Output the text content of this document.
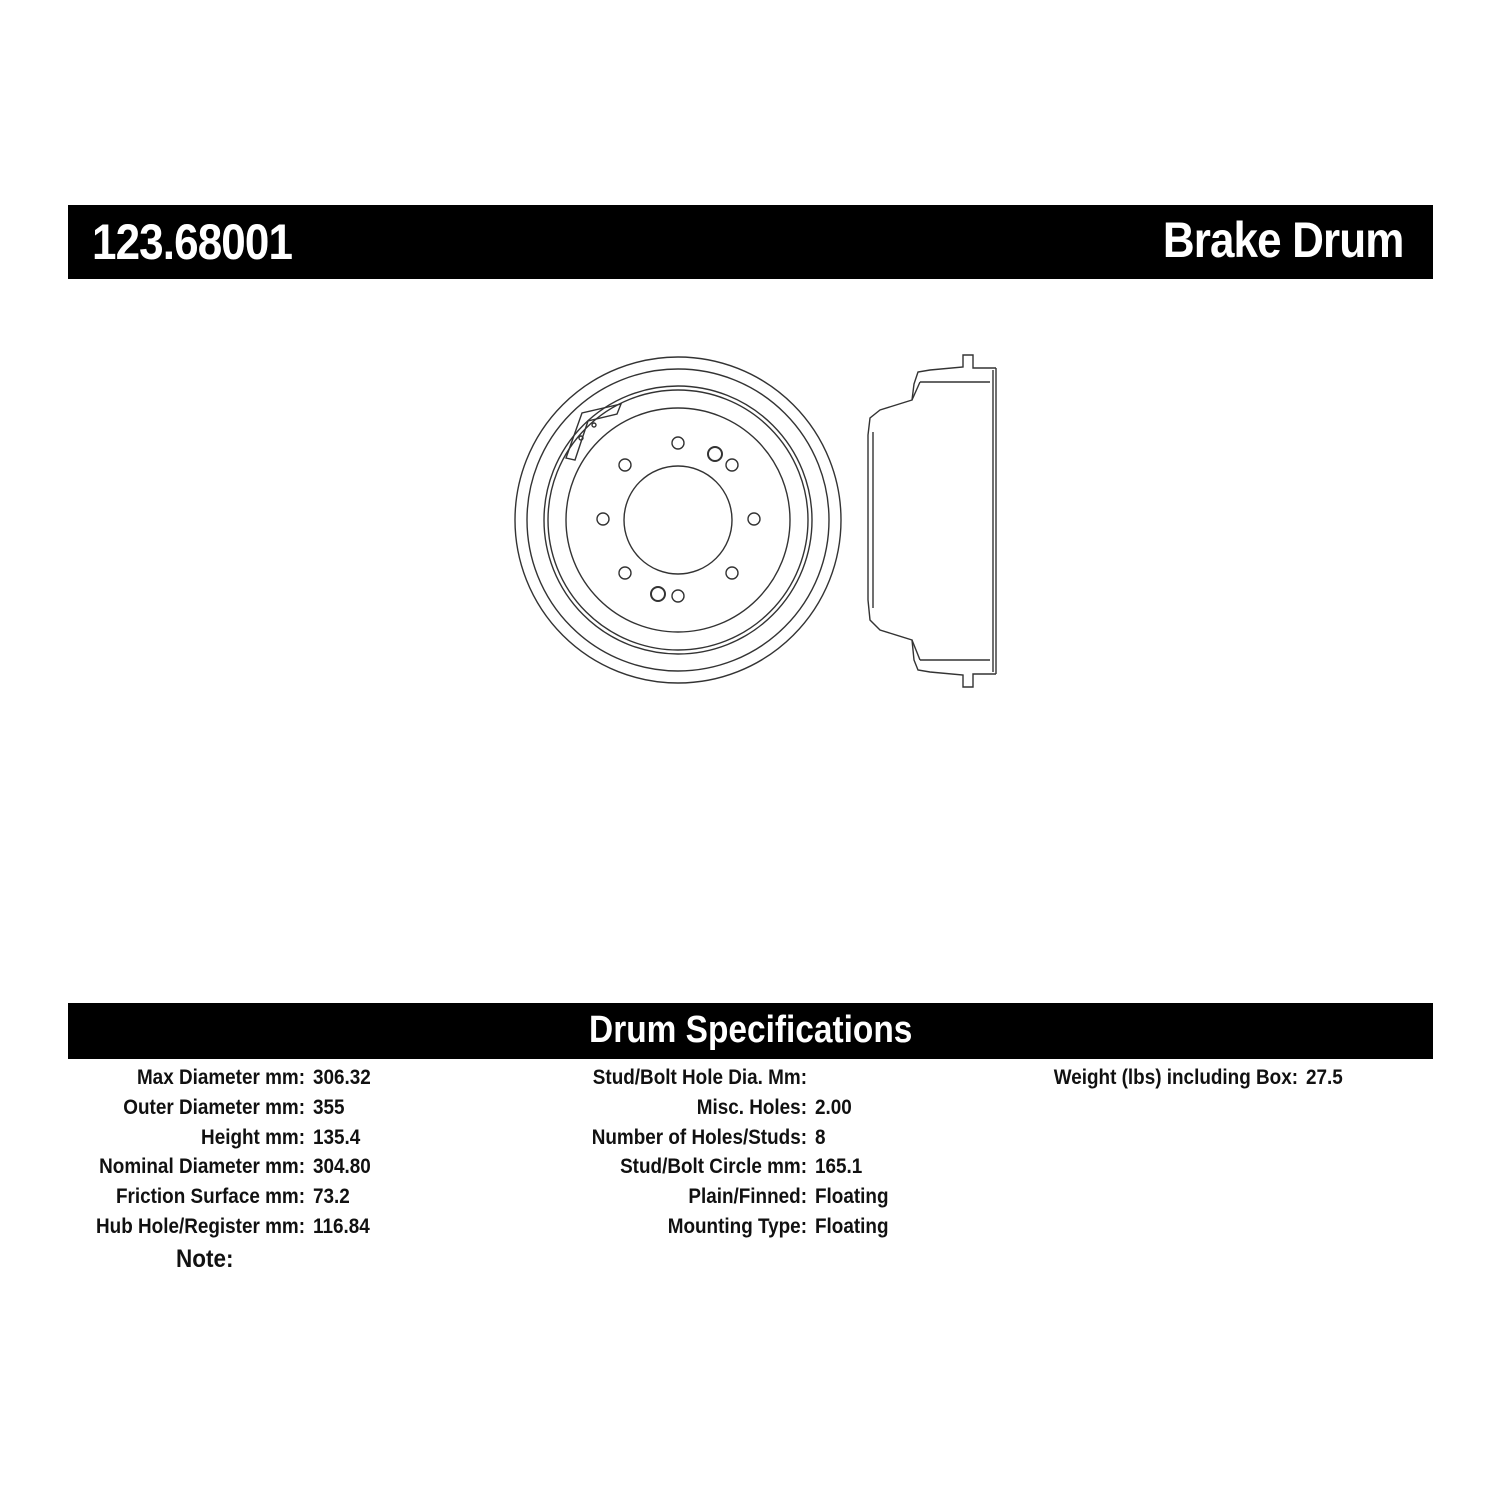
123.68001	Brake Drum
Drum Specifications
Max Diameter mm: 306.32
Outer Diameter mm: 355
Height mm: 135.4
Nominal Diameter mm: 304.80
Friction Surface mm: 73.2
Hub Hole/Register mm: 116.84
Stud/Bolt Hole Dia. Mm:
Misc. Holes: 2.00
Number of Holes/Studs: 8
Stud/Bolt Circle mm: 165.1
Plain/Finned: Floating
Mounting Type: Floating
Weight (lbs) including Box: 27.5
Note:
